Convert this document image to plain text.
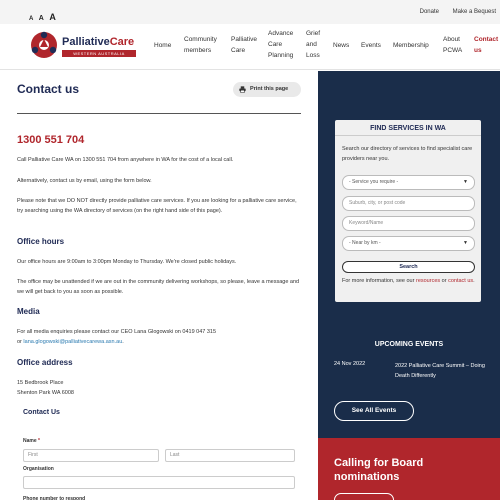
A A A	Donate Make a Bequest
PalliativeCare
WESTERN AUSTRALIA
Home
Community
members
Palliative
Care
Advance
Care
Planning
Grief
and
Loss
News Events Membership
About
PCWA
Contact
us
Contact us	Print this page
1300 551 704
Call Palliative Care WA on 1300 551 704 from anywhere in WA for the cost of a local call.
Alternatively, contact us by email, using the form below.
Please note that we DO NOT directly provide palliative care services. If you are looking for a palliative care service, try searching using the WA directory of services (on the right hand side of this page).
Office hours
Our office hours are 9:00am to 3:00pm Monday to Thursday. We're closed public holidays.
The office may be unattended if we are out in the community delivering workshops, so please, leave a message and we will get back to you as soon as possible.
Media
For all media enquiries please contact our CEO Lana Glogowski on 0419 047 315
or lana.glogowski@palliativecarewa.asn.au.
Office address
15 Bedbrook Place
Shenton Park WA 6008
Contact Us
Name *
First	Last
Organisation
Phone number to respond
FIND SERVICES IN WA
Search our directory of services to find specialist care providers near you.
- Service you require -	▼
Suburb, city, or post code
Keyword/Name
- Near by km -	▼
Search
For more information, see our resources or contact us.
UPCOMING EVENTS
24 Nov 2022	2022 Palliative Care Summit – Doing Death Differently
See All Events
Calling for Board nominations
